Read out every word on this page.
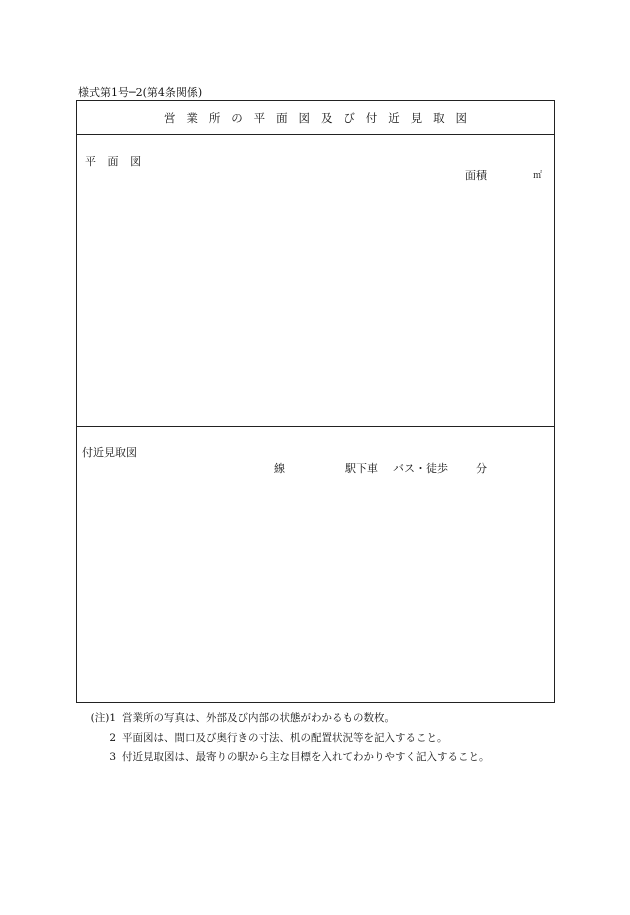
様式第1号─2(第4条関係)
営業所の平面図及び付近見取図
平面図
面積	㎡
付近見取図
線	駅下車 バス・徒歩	分
(注)1 営業所の写真は、外部及び内部の状態がわかるもの数枚。
2 平面図は、間口及び奥行きの寸法、机の配置状況等を記入すること。
3 付近見取図は、最寄りの駅から主な目標を入れてわかりやすく記入すること。
